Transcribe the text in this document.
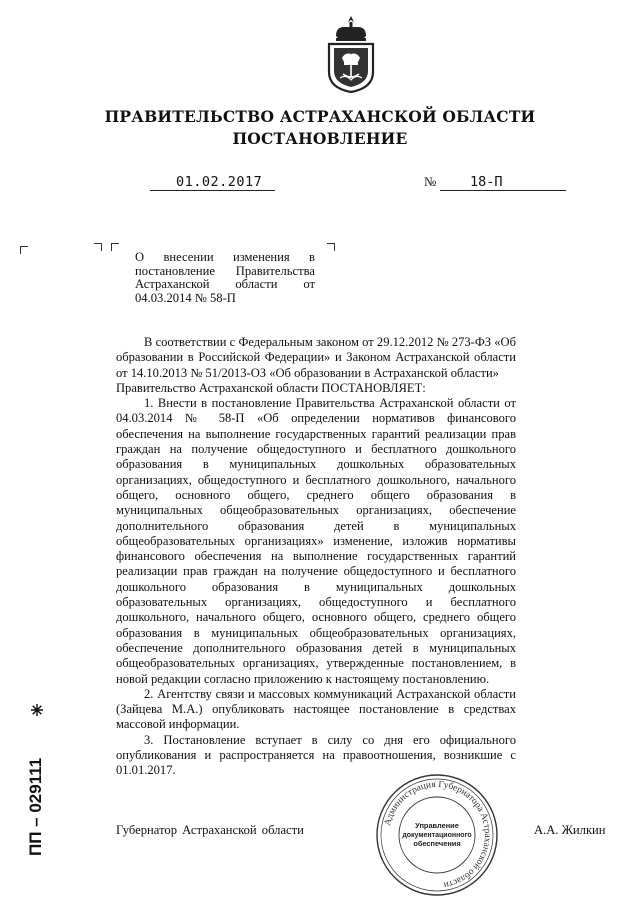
ПРАВИТЕЛЬСТВО АСТРАХАНСКОЙ ОБЛАСТИ
ПОСТАНОВЛЕНИЕ
01.02.2017	№ 18-П
О внесении изменения в постановление Правительства Астраханской области от 04.03.2014 № 58-П

В соответствии с Федеральным законом от 29.12.2012 № 273-ФЗ «Об образовании в Российской Федерации» и Законом Астраханской области от 14.10.2013 № 51/2013-ОЗ «Об образовании в Астраханской области»

Правительство Астраханской области ПОСТАНОВЛЯЕТ:

1. Внести в постановление Правительства Астраханской области от 04.03.2014 № 58-П «Об определении нормативов финансового обеспечения на выполнение государственных гарантий реализации прав граждан на получение общедоступного и бесплатного дошкольного образования в муниципальных дошкольных образовательных организациях, общедоступного и бесплатного дошкольного, начального общего, основного общего, среднего общего образования в муниципальных общеобразовательных организациях, обеспечение дополнительного образования детей в муниципальных общеобразовательных организациях» изменение, изложив нормативы финансового обеспечения на выполнение государственных гарантий реализации прав граждан на получение общедоступного и бесплатного дошкольного образования в муниципальных дошкольных образовательных организациях, общедоступного и бесплатного дошкольного, начального общего, основного общего, среднего общего образования в муниципальных общеобразовательных организациях, обеспечение дополнительного образования детей в муниципальных общеобразовательных организациях, утвержденные постановлением, в новой редакции согласно приложению к настоящему постановлению.

2. Агентству связи и массовых коммуникаций Астраханской области (Зайцева М.А.) опубликовать настоящее постановление в средствах массовой информации.

3. Постановление вступает в силу со дня его официального опубликования и распространяется на правоотношения, возникшие с 01.01.2017.

Губернатор Астраханской области	А.А. Жилкин
ПП – 029111	Администрация Губернатора Астраханской области
Управление
документационного
обеспечения
